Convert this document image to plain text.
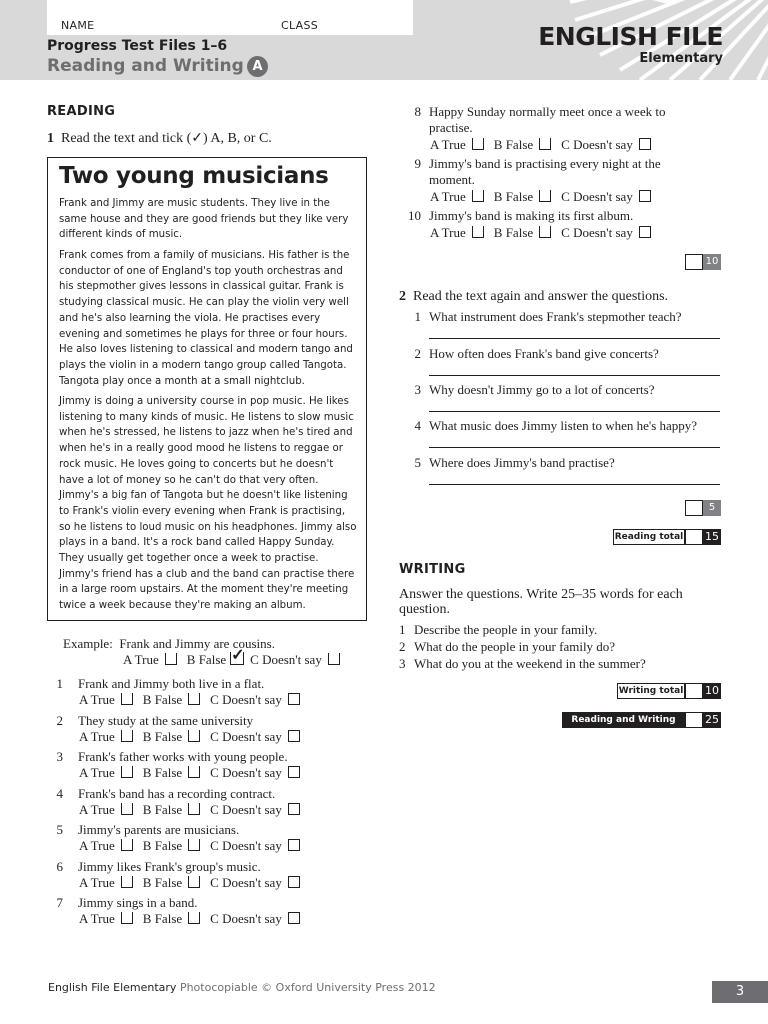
NAME	CLASS
Progress Test Files 1–6
Reading and Writing A
ENGLISH FILE
Elementary
READING
1 Read the text and tick (✓) A, B, or C.
Two young musicians
Frank and Jimmy are music students. They live in the same house and they are good friends but they like very different kinds of music.
Frank comes from a family of musicians. His father is the conductor of one of England's top youth orchestras and his stepmother gives lessons in classical guitar. Frank is studying classical music. He can play the violin very well and he's also learning the viola. He practises every evening and sometimes he plays for three or four hours. He also loves listening to classical and modern tango and plays the violin in a modern tango group called Tangota. Tangota play once a month at a small nightclub.
Jimmy is doing a university course in pop music. He likes listening to many kinds of music. He listens to slow music when he's stressed, he listens to jazz when he's tired and when he's in a really good mood he listens to reggae or rock music. He loves going to concerts but he doesn't have a lot of money so he can't do that very often. Jimmy's a big fan of Tangota but he doesn't like listening to Frank's violin every evening when Frank is practising, so he listens to loud music on his headphones. Jimmy also plays in a band. It's a rock band called Happy Sunday. They usually get together once a week to practise. Jimmy's friend has a club and the band can practise there in a large room upstairs. At the moment they're meeting twice a week because they're making an album.
Example: Frank and Jimmy are cousins.
A True B False ✓ C Doesn't say
1 Frank and Jimmy both live in a flat.
A True B False C Doesn't say
2 They study at the same university
A True B False C Doesn't say
3 Frank's father works with young people.
A True B False C Doesn't say
4 Frank's band has a recording contract.
A True B False C Doesn't say
5 Jimmy's parents are musicians.
A True B False C Doesn't say
6 Jimmy likes Frank's group's music.
A True B False C Doesn't say
7 Jimmy sings in a band.
A True B False C Doesn't say
8 Happy Sunday normally meet once a week to
practise.
A True B False C Doesn't say
9 Jimmy's band is practising every night at the
moment.
A True B False C Doesn't say
10 Jimmy's band is making its first album.
A True B False C Doesn't say
10
2 Read the text again and answer the questions.
1 What instrument does Frank's stepmother teach?
2 How often does Frank's band give concerts?
3 Why doesn't Jimmy go to a lot of concerts?
4 What music does Jimmy listen to when he's happy?
5 Where does Jimmy's band practise?
5
Reading total 15
WRITING
Answer the questions. Write 25–35 words for each question.
1 Describe the people in your family.
2 What do the people in your family do?
3 What do you at the weekend in the summer?
Writing total 10
Reading and Writing total
25
English File Elementary Photocopiable © Oxford University Press 2012	3
